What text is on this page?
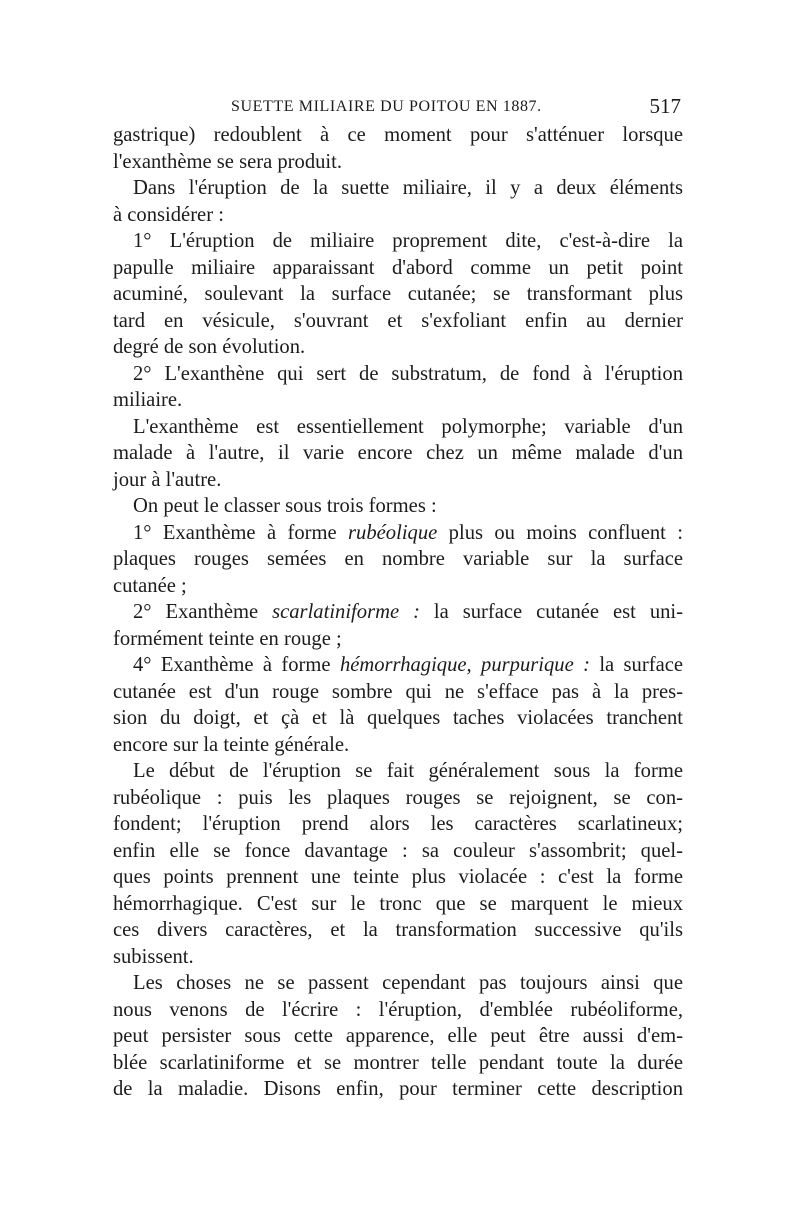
SUETTE MILIAIRE DU POITOU EN 1887.	517
gastrique) redoublent à ce moment pour s'atténuer lorsque
l'exanthème se sera produit.
Dans l'éruption de la suette miliaire, il y a deux éléments
à considérer :
1° L'éruption de miliaire proprement dite, c'est-à-dire la
papulle miliaire apparaissant d'abord comme un petit point
acuminé, soulevant la surface cutanée; se transformant plus
tard en vésicule, s'ouvrant et s'exfoliant enfin au dernier
degré de son évolution.
2° L'exanthène qui sert de substratum, de fond à l'éruption
miliaire.
L'exanthème est essentiellement polymorphe; variable d'un
malade à l'autre, il varie encore chez un même malade d'un
jour à l'autre.
On peut le classer sous trois formes :
1° Exanthème à forme rubéolique plus ou moins confluent :
plaques rouges semées en nombre variable sur la surface
cutanée ;
2° Exanthème scarlatiniforme : la surface cutanée est uni-
formément teinte en rouge ;
4° Exanthème à forme hémorrhagique, purpurique : la surface
cutanée est d'un rouge sombre qui ne s'efface pas à la pres-
sion du doigt, et çà et là quelques taches violacées tranchent
encore sur la teinte générale.
Le début de l'éruption se fait généralement sous la forme
rubéolique : puis les plaques rouges se rejoignent, se con-
fondent; l'éruption prend alors les caractères scarlatineux;
enfin elle se fonce davantage : sa couleur s'assombrit; quel-
ques points prennent une teinte plus violacée : c'est la forme
hémorrhagique. C'est sur le tronc que se marquent le mieux
ces divers caractères, et la transformation successive qu'ils
subissent.
Les choses ne se passent cependant pas toujours ainsi que
nous venons de l'écrire : l'éruption, d'emblée rubéoliforme,
peut persister sous cette apparence, elle peut être aussi d'em-
blée scarlatiniforme et se montrer telle pendant toute la durée
de la maladie. Disons enfin, pour terminer cette description
